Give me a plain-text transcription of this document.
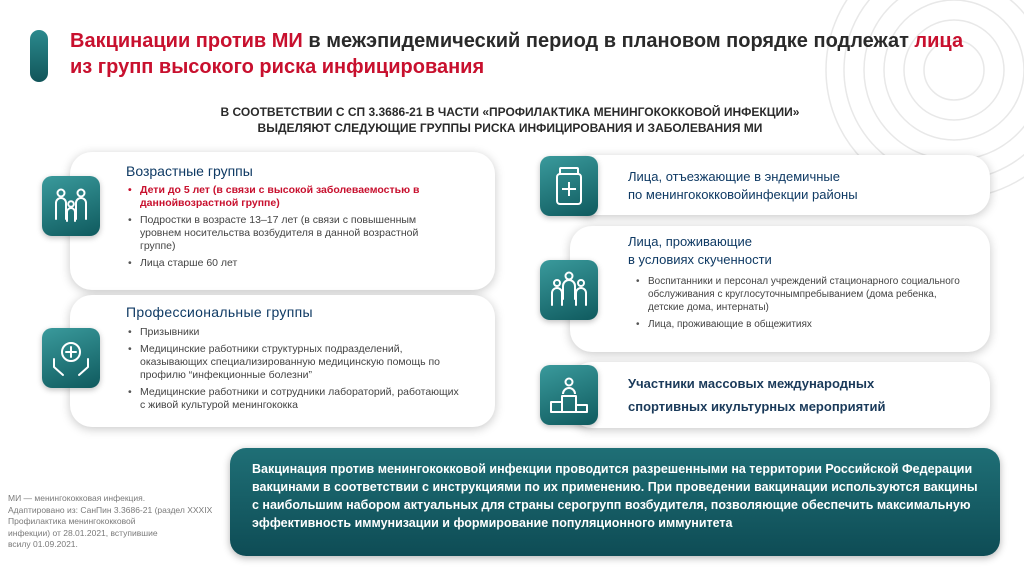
Вакцинации против МИ в межэпидемический период в плановом порядке подлежат лица из групп высокого риска инфицирования
В СООТВЕТСТВИИ С СП 3.3686-21 В ЧАСТИ «ПРОФИЛАКТИКА МЕНИНГОКОККОВОЙ ИНФЕКЦИИ»
ВЫДЕЛЯЮТ СЛЕДУЮЩИЕ ГРУППЫ РИСКА ИНФИЦИРОВАНИЯ И ЗАБОЛЕВАНИЯ МИ
Возрастные группы
• Дети до 5 лет (в связи с высокой заболеваемостью в даннойвозрастной группе)
• Подростки в возрасте 13–17 лет (в связи с повышенным уровнем носительства возбудителя в данной возрастной группе)
• Лица старше 60 лет
Профессиональные группы
• Призывники
• Медицинские работники структурных подразделений, оказывающих специализированную медицинскую помощь по профилю “инфекционные болезни”
• Медицинские работники и сотрудники лабораторий, работающих с живой культурой менингококка
Лица, отъезжающие в эндемичные
по менингококковойинфекции районы
Лица, проживающие
в условиях скученности
• Воспитанники и персонал учреждений стационарного социального обслуживания с круглосуточнымпребыванием (дома ребенка, детские дома, интернаты)
• Лица, проживающие в общежитиях
Участники массовых международных
спортивных икультурных мероприятий
Вакцинация против менингококковой инфекции проводится разрешенными на территории Российской Федерации вакцинами в соответствии с инструкциями по их применению. При проведении вакцинации используются вакцины с наибольшим набором актуальных для страны серогрупп возбудителя, позволяющие обеспечить максимальную эффективность иммунизации и формирование популяционного иммунитета
МИ — менингококковая инфекция.
Адаптировано из: СанПин 3.3686-21 (раздел XXXIX
Профилактика менингококковой
инфекции) от 28.01.2021, вступившие
всилу 01.09.2021.
